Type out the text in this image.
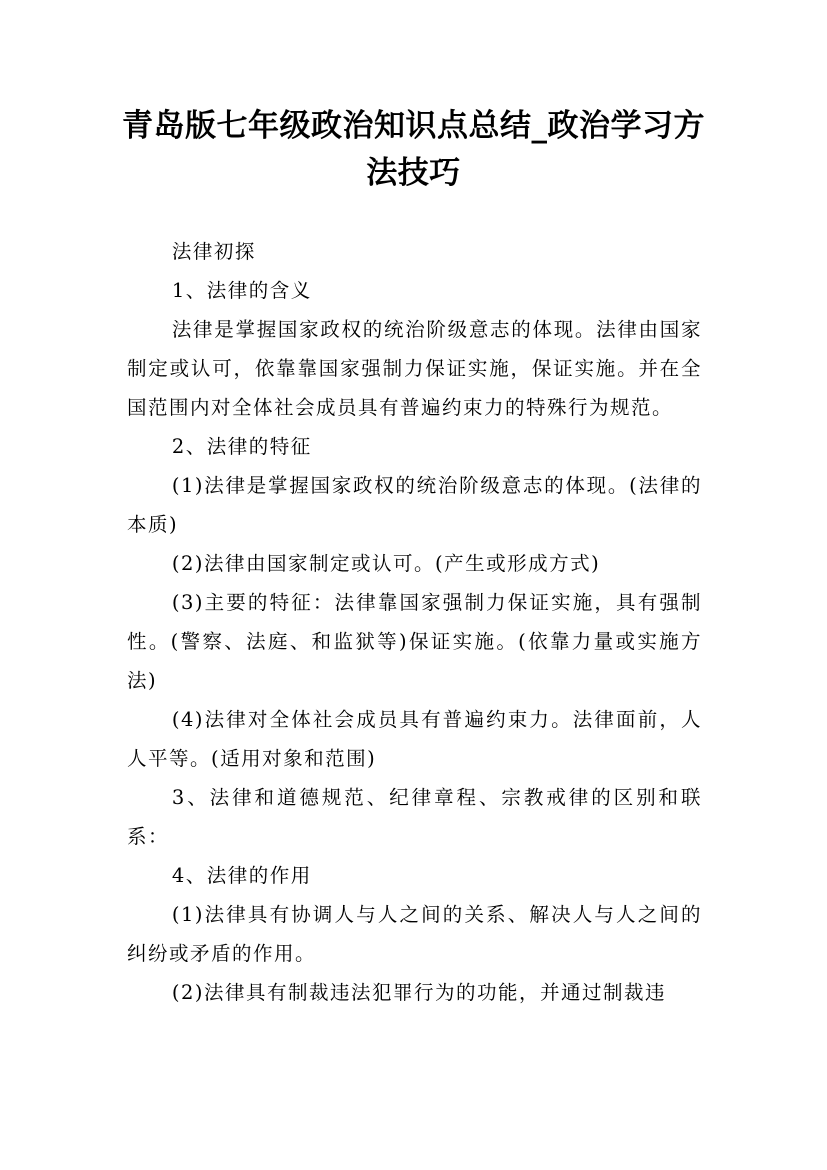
青岛版七年级政治知识点总结_政治学习方法技巧

法律初探

1、法律的含义

法律是掌握国家政权的统治阶级意志的体现。法律由国家制定或认可，依靠靠国家强制力保证实施，保证实施。并在全国范围内对全体社会成员具有普遍约束力的特殊行为规范。

2、法律的特征

(1)法律是掌握国家政权的统治阶级意志的体现。(法律的本质)

(2)法律由国家制定或认可。(产生或形成方式)

(3)主要的特征：法律靠国家强制力保证实施，具有强制性。(警察、法庭、和监狱等)保证实施。(依靠力量或实施方法)

(4)法律对全体社会成员具有普遍约束力。法律面前，人人平等。(适用对象和范围)

3、法律和道德规范、纪律章程、宗教戒律的区别和联系：

4、法律的作用

(1)法律具有协调人与人之间的关系、解决人与人之间的纠纷或矛盾的作用。

(2)法律具有制裁违法犯罪行为的功能，并通过制裁违
